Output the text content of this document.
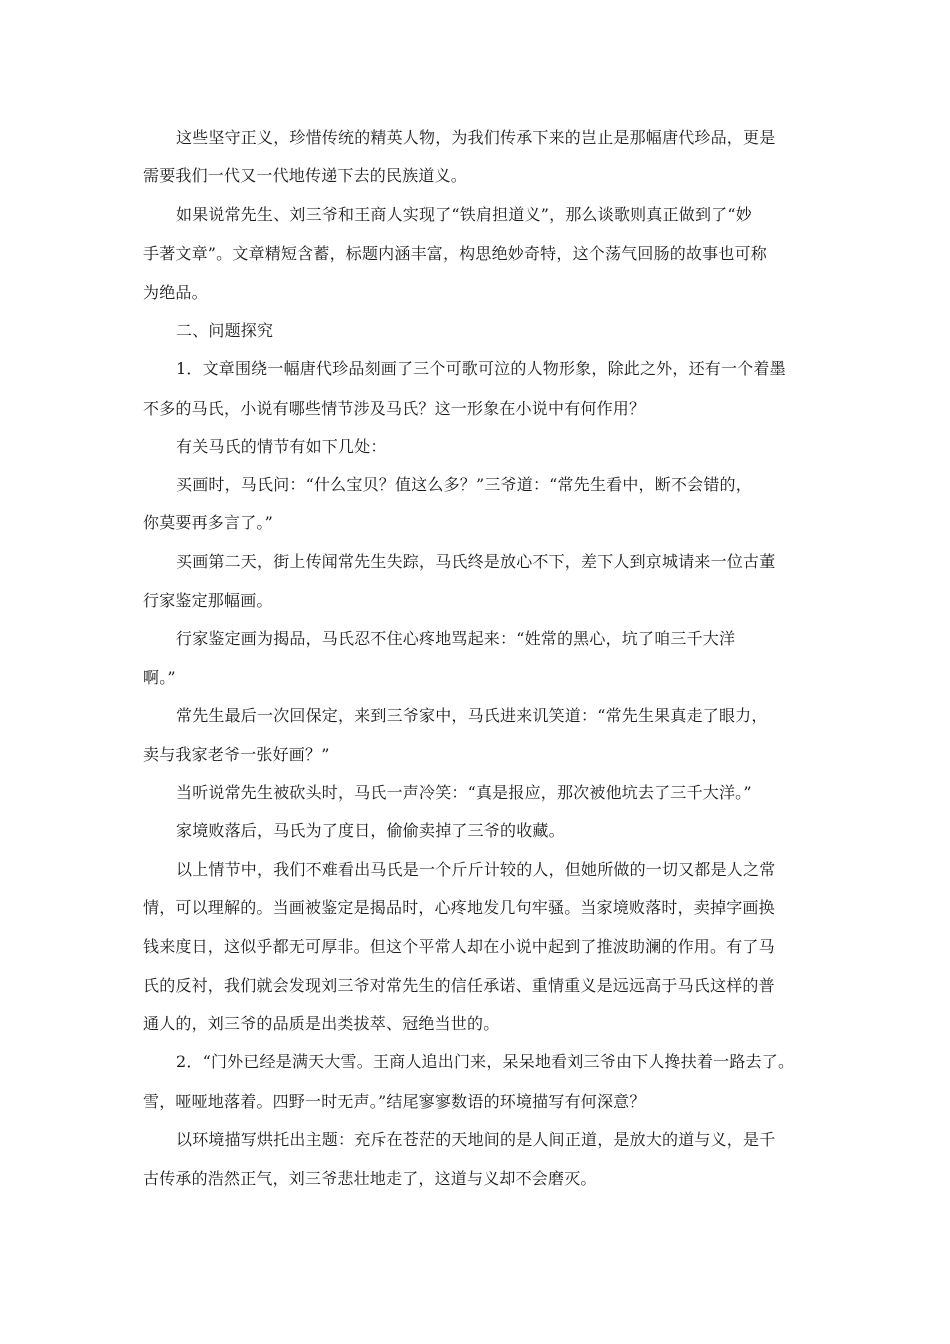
这些坚守正义，珍惜传统的精英人物，为我们传承下来的岂止是那幅唐代珍品，更是
需要我们一代又一代地传递下去的民族道义。
如果说常先生、刘三爷和王商人实现了“铁肩担道义”，那么谈歌则真正做到了“妙
手著文章”。文章精短含蓄，标题内涵丰富，构思绝妙奇特，这个荡气回肠的故事也可称
为绝品。
二、问题探究
1．文章围绕一幅唐代珍品刻画了三个可歌可泣的人物形象，除此之外，还有一个着墨
不多的马氏，小说有哪些情节涉及马氏？这一形象在小说中有何作用？
有关马氏的情节有如下几处：
买画时，马氏问：“什么宝贝？值这么多？”三爷道：“常先生看中，断不会错的，
你莫要再多言了。”
买画第二天，街上传闻常先生失踪，马氏终是放心不下，差下人到京城请来一位古董
行家鉴定那幅画。
行家鉴定画为揭品，马氏忍不住心疼地骂起来：“姓常的黑心，坑了咱三千大洋
啊。”
常先生最后一次回保定，来到三爷家中，马氏进来讥笑道：“常先生果真走了眼力，
卖与我家老爷一张好画？”
当听说常先生被砍头时，马氏一声冷笑：“真是报应，那次被他坑去了三千大洋。”
家境败落后，马氏为了度日，偷偷卖掉了三爷的收藏。
以上情节中，我们不难看出马氏是一个斤斤计较的人，但她所做的一切又都是人之常
情，可以理解的。当画被鉴定是揭品时，心疼地发几句牢骚。当家境败落时，卖掉字画换
钱来度日，这似乎都无可厚非。但这个平常人却在小说中起到了推波助澜的作用。有了马
氏的反衬，我们就会发现刘三爷对常先生的信任承诺、重情重义是远远高于马氏这样的普
通人的，刘三爷的品质是出类拔萃、冠绝当世的。
2．“门外已经是满天大雪。王商人追出门来，呆呆地看刘三爷由下人搀扶着一路去了。
雪，哑哑地落着。四野一时无声。”结尾寥寥数语的环境描写有何深意？
以环境描写烘托出主题：充斥在苍茫的天地间的是人间正道，是放大的道与义，是千
古传承的浩然正气，刘三爷悲壮地走了，这道与义却不会磨灭。
